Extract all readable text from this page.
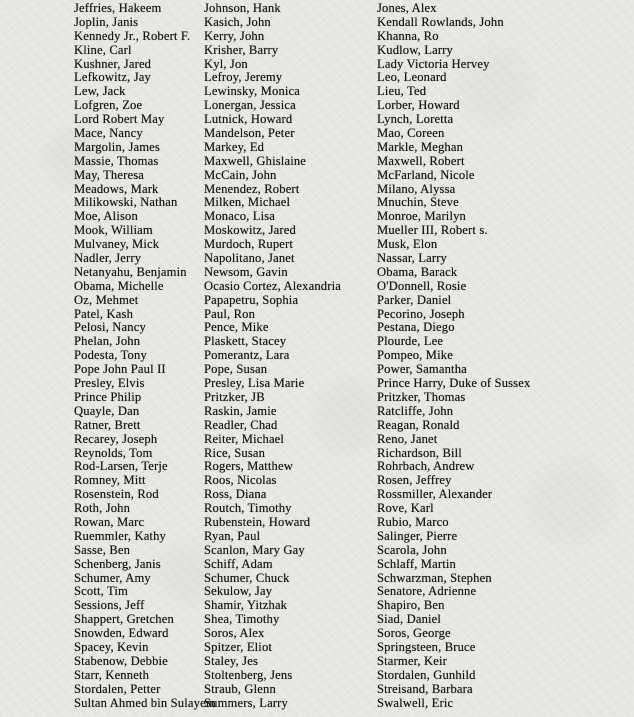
Jeffries, Hakeem
Joplin, Janis
Kennedy Jr., Robert F.
Kline, Carl
Kushner, Jared
Lefkowitz, Jay
Lew, Jack
Lofgren, Zoe
Lord Robert May
Mace, Nancy
Margolin, James
Massie, Thomas
May, Theresa
Meadows, Mark
Milikowski, Nathan
Moe, Alison
Mook, William
Mulvaney, Mick
Nadler, Jerry
Netanyahu, Benjamin
Obama, Michelle
Oz, Mehmet
Patel, Kash
Pelosi, Nancy
Phelan, John
Podesta, Tony
Pope John Paul II
Presley, Elvis
Prince Philip
Quayle, Dan
Ratner, Brett
Recarey, Joseph
Reynolds, Tom
Rod-Larsen, Terje
Romney, Mitt
Rosenstein, Rod
Roth, John
Rowan, Marc
Ruemmler, Kathy
Sasse, Ben
Schenberg, Janis
Schumer, Amy
Scott, Tim
Sessions, Jeff
Shappert, Gretchen
Snowden, Edward
Spacey, Kevin
Stabenow, Debbie
Starr, Kenneth
Stordalen, Petter
Sultan Ahmed bin Sulayem
Johnson, Hank
Kasich, John
Kerry, John
Krisher, Barry
Kyl, Jon
Lefroy, Jeremy
Lewinsky, Monica
Lonergan, Jessica
Lutnick, Howard
Mandelson, Peter
Markey, Ed
Maxwell, Ghislaine
McCain, John
Menendez, Robert
Milken, Michael
Monaco, Lisa
Moskowitz, Jared
Murdoch, Rupert
Napolitano, Janet
Newsom, Gavin
Ocasio Cortez, Alexandria
Papapetru, Sophia
Paul, Ron
Pence, Mike
Plaskett, Stacey
Pomerantz, Lara
Pope, Susan
Presley, Lisa Marie
Pritzker, JB
Raskin, Jamie
Readler, Chad
Reiter, Michael
Rice, Susan
Rogers, Matthew
Roos, Nicolas
Ross, Diana
Routch, Timothy
Rubenstein, Howard
Ryan, Paul
Scanlon, Mary Gay
Schiff, Adam
Schumer, Chuck
Sekulow, Jay
Shamir, Yitzhak
Shea, Timothy
Soros, Alex
Spitzer, Eliot
Staley, Jes
Stoltenberg, Jens
Straub, Glenn
Summers, Larry
Jones, Alex
Kendall Rowlands, John
Khanna, Ro
Kudlow, Larry
Lady Victoria Hervey
Leo, Leonard
Lieu, Ted
Lorber, Howard
Lynch, Loretta
Mao, Coreen
Markle, Meghan
Maxwell, Robert
McFarland, Nicole
Milano, Alyssa
Mnuchin, Steve
Monroe, Marilyn
Mueller III, Robert s.
Musk, Elon
Nassar, Larry
Obama, Barack
O'Donnell, Rosie
Parker, Daniel
Pecorino, Joseph
Pestana, Diego
Plourde, Lee
Pompeo, Mike
Power, Samantha
Prince Harry, Duke of Sussex
Pritzker, Thomas
Ratcliffe, John
Reagan, Ronald
Reno, Janet
Richardson, Bill
Rohrbach, Andrew
Rosen, Jeffrey
Rossmiller, Alexander
Rove, Karl
Rubio, Marco
Salinger, Pierre
Scarola, John
Schlaff, Martin
Schwarzman, Stephen
Senatore, Adrienne
Shapiro, Ben
Siad, Daniel
Soros, George
Springsteen, Bruce
Starmer, Keir
Stordalen, Gunhild
Streisand, Barbara
Swalwell, Eric
